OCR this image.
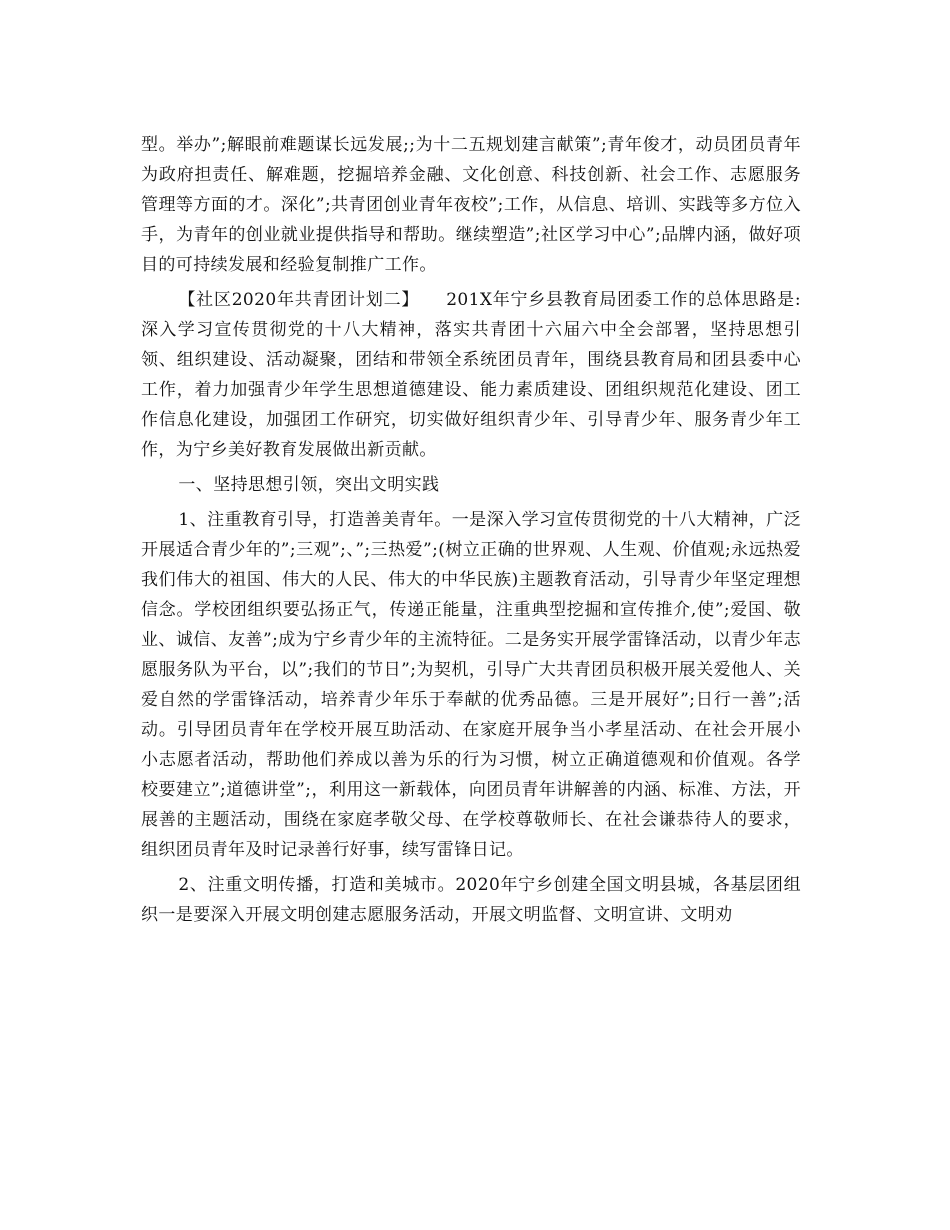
型。举办”;解眼前难题谋长远发展;;为十二五规划建言献策”;青年俊才，动员团员青年为政府担责任、解难题，挖掘培养金融、文化创意、科技创新、社会工作、志愿服务管理等方面的才。深化”;共青团创业青年夜校”;工作，从信息、培训、实践等多方位入手，为青年的创业就业提供指导和帮助。继续塑造”;社区学习中心”;品牌内涵，做好项目的可持续发展和经验复制推广工作。

【社区2020年共青团计划二】　　201X年宁乡县教育局团委工作的总体思路是:深入学习宣传贯彻党的十八大精神，落实共青团十六届六中全会部署，坚持思想引领、组织建设、活动凝聚，团结和带领全系统团员青年，围绕县教育局和团县委中心工作，着力加强青少年学生思想道德建设、能力素质建设、团组织规范化建设、团工作信息化建设，加强团工作研究，切实做好组织青少年、引导青少年、服务青少年工作，为宁乡美好教育发展做出新贡献。

一、坚持思想引领，突出文明实践

1、注重教育引导，打造善美青年。一是深入学习宣传贯彻党的十八大精神，广泛开展适合青少年的”;三观”;、”;三热爱”;(树立正确的世界观、人生观、价值观;永远热爱我们伟大的祖国、伟大的人民、伟大的中华民族)主题教育活动，引导青少年坚定理想信念。学校团组织要弘扬正气，传递正能量，注重典型挖掘和宣传推介,使”;爱国、敬业、诚信、友善”;成为宁乡青少年的主流特征。二是务实开展学雷锋活动，以青少年志愿服务队为平台，以”;我们的节日”;为契机，引导广大共青团员积极开展关爱他人、关爱自然的学雷锋活动，培养青少年乐于奉献的优秀品德。三是开展好”;日行一善”;活动。引导团员青年在学校开展互助活动、在家庭开展争当小孝星活动、在社会开展小小志愿者活动，帮助他们养成以善为乐的行为习惯，树立正确道德观和价值观。各学校要建立”;道德讲堂”;，利用这一新载体，向团员青年讲解善的内涵、标准、方法，开展善的主题活动，围绕在家庭孝敬父母、在学校尊敬师长、在社会谦恭待人的要求，组织团员青年及时记录善行好事，续写雷锋日记。

2、注重文明传播，打造和美城市。2020年宁乡创建全国文明县城，各基层团组织一是要深入开展文明创建志愿服务活动，开展文明监督、文明宣讲、文明劝
